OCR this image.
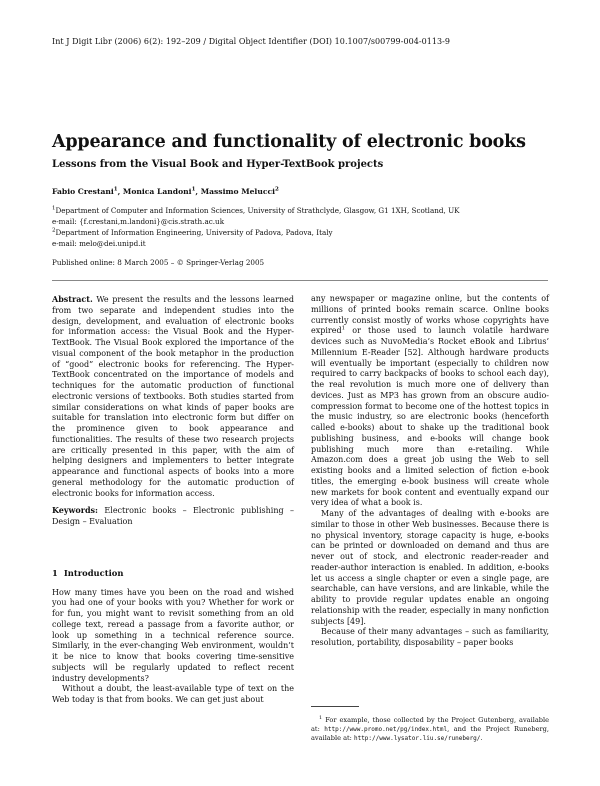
Int J Digit Libr (2006) 6(2): 192–209 / Digital Object Identifier (DOI) 10.1007/s00799-004-0113-9
Appearance and functionality of electronic books
Lessons from the Visual Book and Hyper-TextBook projects
Fabio Crestani$^1$, Monica Landoni$^1$, Massimo Melucci$^2$
$^1$Department of Computer and Information Sciences, University of Strathclyde, Glasgow, G1 1XH, Scotland, UK
e-mail: {f.crestani,m.landoni}@cis.strath.ac.uk
$^2$Department of Information Engineering, University of Padova, Padova, Italy
e-mail: melo@dei.unipd.it
Published online: 8 March 2005 – © Springer-Verlag 2005

Abstract. We present the results and the lessons learned from two separate and independent studies into the design, development, and evaluation of electronic books for information access: the Visual Book and the Hyper-TextBook. The Visual Book explored the importance of the visual component of the book metaphor in the production of “good” electronic books for referencing. The Hyper-TextBook concentrated on the importance of models and techniques for the automatic production of functional electronic versions of textbooks. Both studies started from similar considerations on what kinds of paper books are suitable for translation into electronic form but differ on the prominence given to book appearance and functionalities. The results of these two research projects are critically presented in this paper, with the aim of helping designers and implementers to better integrate appearance and functional aspects of books into a more general methodology for the automatic production of electronic books for information access.

Keywords: Electronic books – Electronic publishing – Design – Evaluation

1 Introduction

How many times have you been on the road and wished you had one of your books with you? Whether for work or for fun, you might want to revisit something from an old college text, reread a passage from a favorite author, or look up something in a technical reference source. Similarly, in the ever-changing Web environment, wouldn’t it be nice to know that books covering time-sensitive subjects will be regularly updated to reflect recent industry developments?

Without a doubt, the least-available type of text on the Web today is that from books. We can get just about

any newspaper or magazine online, but the contents of millions of printed books remain scarce. Online books currently consist mostly of works whose copyrights have expired$^1$ or those used to launch volatile hardware devices such as NuvoMedia’s Rocket eBook and Librius’ Millennium E-Reader [52]. Although hardware products will eventually be important (especially to children now required to carry backpacks of books to school each day), the real revolution is much more one of delivery than devices. Just as MP3 has grown from an obscure audio-compression format to become one of the hottest topics in the music industry, so are electronic books (henceforth called e-books) about to shake up the traditional book publishing business, and e-books will change book publishing much more than e-retailing. While Amazon.com does a great job using the Web to sell existing books and a limited selection of fiction e-book titles, the emerging e-book business will create whole new markets for book content and eventually expand our very idea of what a book is.

Many of the advantages of dealing with e-books are similar to those in other Web businesses. Because there is no physical inventory, storage capacity is huge, e-books can be printed or downloaded on demand and thus are never out of stock, and electronic reader-reader and reader-author interaction is enabled. In addition, e-books let us access a single chapter or even a single page, are searchable, can have versions, and are linkable, while the ability to provide regular updates enable an ongoing relationship with the reader, especially in many nonfiction subjects [49].

Because of their many advantages – such as familiarity, resolution, portability, disposability – paper books

$^1$ For example, those collected by the Project Gutenberg, available at: http://www.promo.net/pg/index.html, and the Project Runeberg, available at: http://www.lysator.liu.se/runeberg/.
